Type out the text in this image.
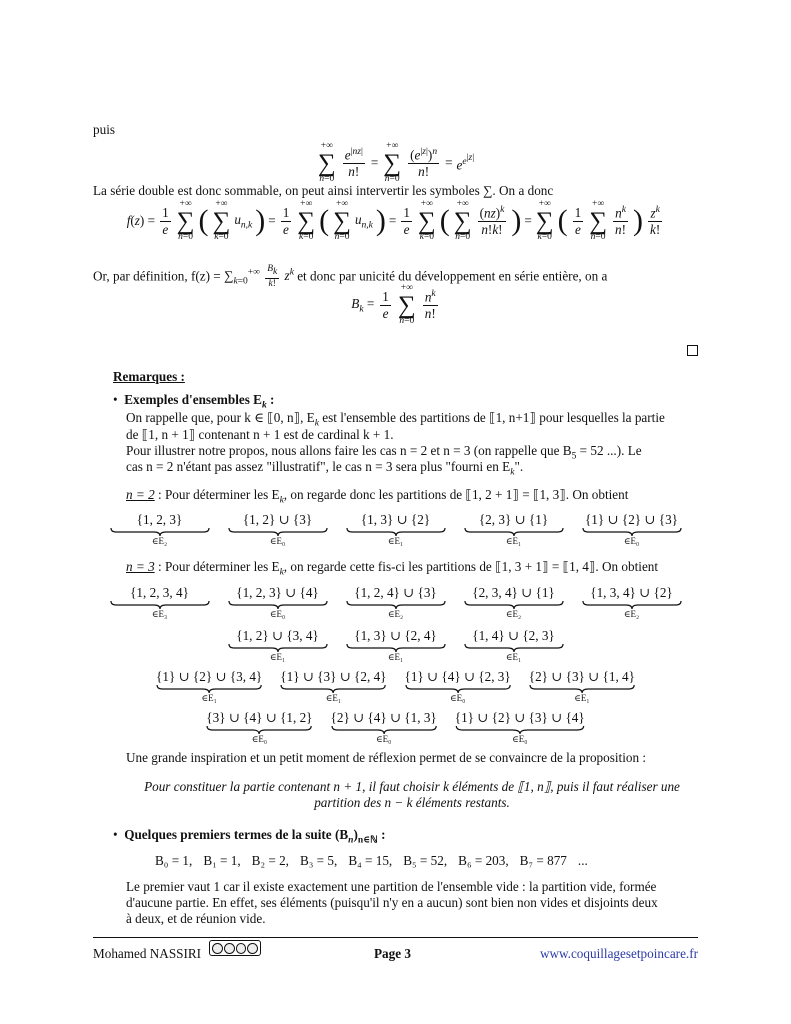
puis
+∞
∑
$n=0 \frac{e^{|nz|}}{n!}$ =
+∞
∑
$n=0 \frac{(e^{|z|})^n}{n!} = e^{e^{|z|}}$
La série double est donc sommable, on peut ainsi intervertir les symboles ∑. On a donc
$f(z) = \frac{1}{e}$
+∞
∑
n=0 (
+∞
∑
k=0
$u_{n,k}$ ) = $\frac{1}{e}$
+∞
∑
k=0 (
+∞
∑
n=0
$u_{n,k}$ ) = $\frac{1}{e}$
+∞
∑
k=0 (
+∞
∑
$n=0 \frac{(nz)^k}{n!k!}$ ) =
+∞
∑
k=0 ( $\frac{1}{e}$
+∞
∑
$n=0 \frac{n^k}{n!}$ ) $\frac{z^k}{k!}$
Or, par définition, $f(z) = \sum_{k=0}^{+\infty} \frac{B_k}{k!} z^k$ et donc par unicité du développement en série entière, on a
$B_k = \frac{1}{e}$
+∞
∑
$n=0 \frac{n^k}{n!}$
Remarques :
•  Exemples d'ensembles $E_k$ :
On rappelle que, pour k ∈ ⟦0, n⟧, $E_k$ est l'ensemble des partitions de ⟦1, n+1⟧ pour lesquelles la partie
de ⟦1, n + 1⟧ contenant n + 1 est de cardinal k + 1.
Pour illustrer notre propos, nous allons faire les cas n = 2 et n = 3 (on rappelle que $B_5 = 52$ ...). Le
cas n = 2 n'étant pas assez "illustratif", le cas n = 3 sera plus "fourni en $E_k$".
n = 2 : Pour déterminer les $E_k$, on regarde donc les partitions de ⟦1, 2 + 1⟧ = ⟦1, 3⟧. On obtient
{1, 2, 3}
∈E₂
{1, 2} ∪ {3}
∈E₀
{1, 3} ∪ {2}
∈E₁
{2, 3} ∪ {1}
∈E₁
{1} ∪ {2} ∪ {3}
∈E₀
n = 3 : Pour déterminer les $E_k$, on regarde cette fis-ci les partitions de ⟦1, 3 + 1⟧ = ⟦1, 4⟧. On obtient
{1, 2, 3, 4}
∈E₃
{1, 2, 3} ∪ {4}
∈E₀
{1, 2, 4} ∪ {3}
∈E₂
{2, 3, 4} ∪ {1}
∈E₂
{1, 3, 4} ∪ {2}
∈E₂
{1, 2} ∪ {3, 4}
∈E₁
{1, 3} ∪ {2, 4}
∈E₁
{1, 4} ∪ {2, 3}
∈E₁
{1} ∪ {2} ∪ {3, 4}
∈E₁
{1} ∪ {3} ∪ {2, 4}
∈E₁
{1} ∪ {4} ∪ {2, 3}
∈E₀
{2} ∪ {3} ∪ {1, 4}
∈E₁
{3} ∪ {4} ∪ {1, 2}
∈E₀
{2} ∪ {4} ∪ {1, 3}
∈E₀
{1} ∪ {2} ∪ {3} ∪ {4}
∈E₀
Une grande inspiration et un petit moment de réflexion permet de se convaincre de la proposition :
Pour constituer la partie contenant n + 1, il faut choisir k éléments de ⟦1, n⟧, puis il faut réaliser une
partition des n − k éléments restants.
•  Quelques premiers termes de la suite $(B_n)_{n\in ℕ}$ :
B₀ = 1, B₁ = 1, B₂ = 2, B₃ = 5, B₄ = 15, B₅ = 52, B₆ = 203, B₇ = 877 ...
Le premier vaut 1 car il existe exactement une partition de l'ensemble vide : la partition vide, formée
d'aucune partie. En effet, ses éléments (puisqu'il n'y en a aucun) sont bien non vides et disjoints deux
à deux, et de réunion vide.
Mohamed NASSIRI	Page 3	www.coquillagesetpoincare.fr
